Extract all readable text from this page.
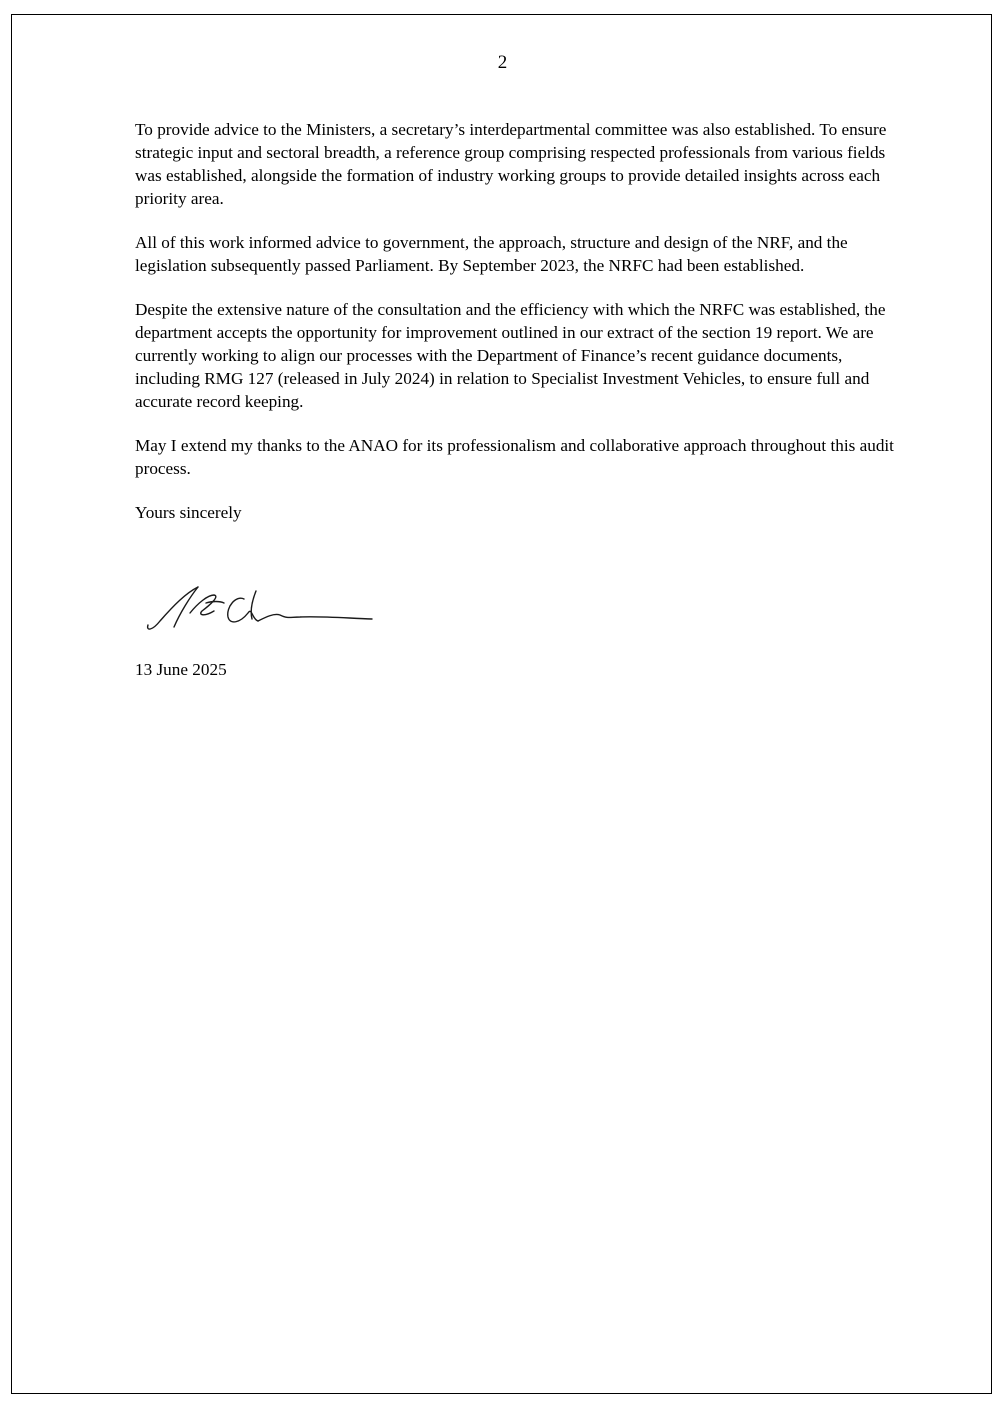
2

To provide advice to the Ministers, a secretary’s interdepartmental committee was also established. To ensure strategic input and sectoral breadth, a reference group comprising respected professionals from various fields was established, alongside the formation of industry working groups to provide detailed insights across each priority area.

All of this work informed advice to government, the approach, structure and design of the NRF, and the legislation subsequently passed Parliament. By September 2023, the NRFC had been established.

Despite the extensive nature of the consultation and the efficiency with which the NRFC was established, the department accepts the opportunity for improvement outlined in our extract of the section 19 report. We are currently working to align our processes with the Department of Finance’s recent guidance documents, including RMG 127 (released in July 2024) in relation to Specialist Investment Vehicles, to ensure full and accurate record keeping.

May I extend my thanks to the ANAO for its professionalism and collaborative approach throughout this audit process.

Yours sincerely

13 June 2025
